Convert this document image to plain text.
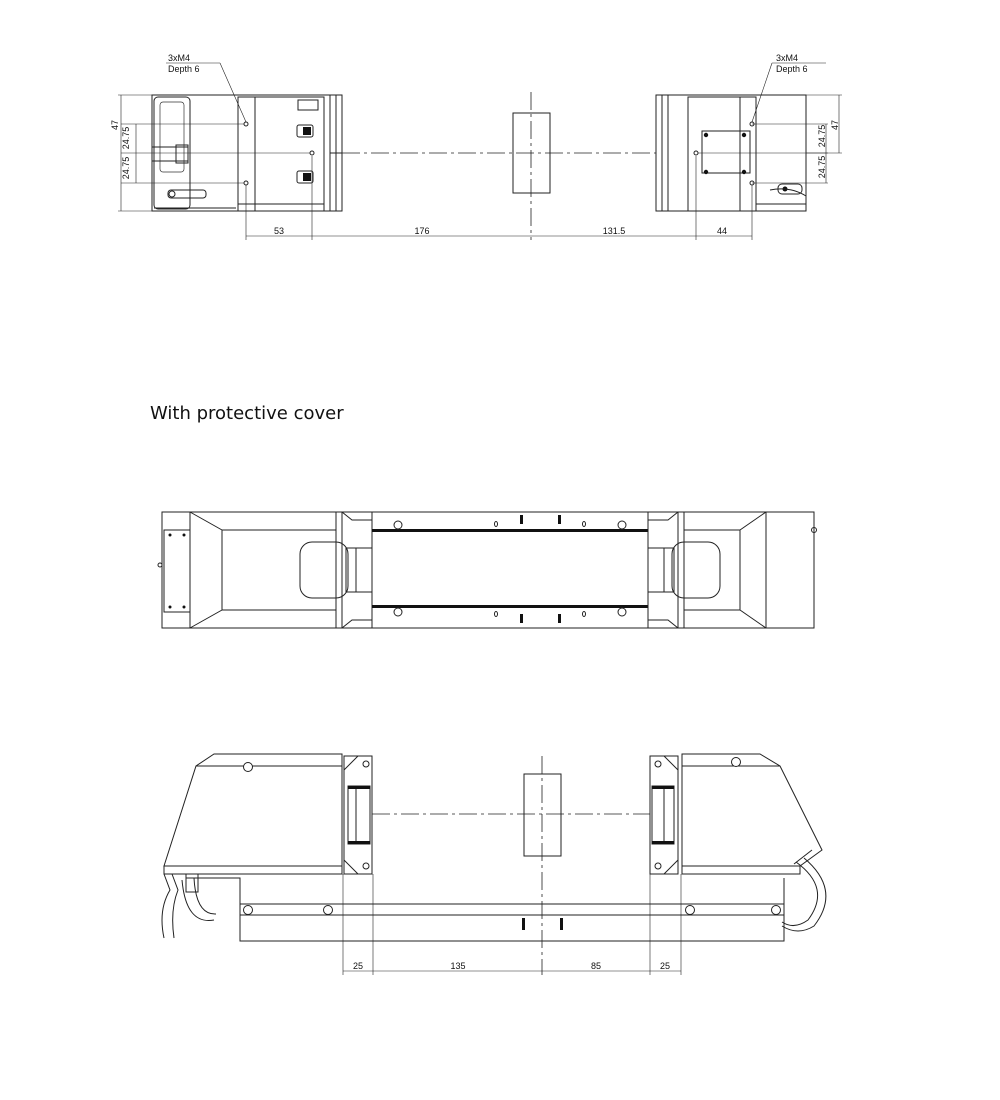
47
24.75
24.75
47
24.75
24.75
3xM4
Depth 6
3xM4
Depth 6
53	176	131.5	44
With protective cover
25	135	85	25
